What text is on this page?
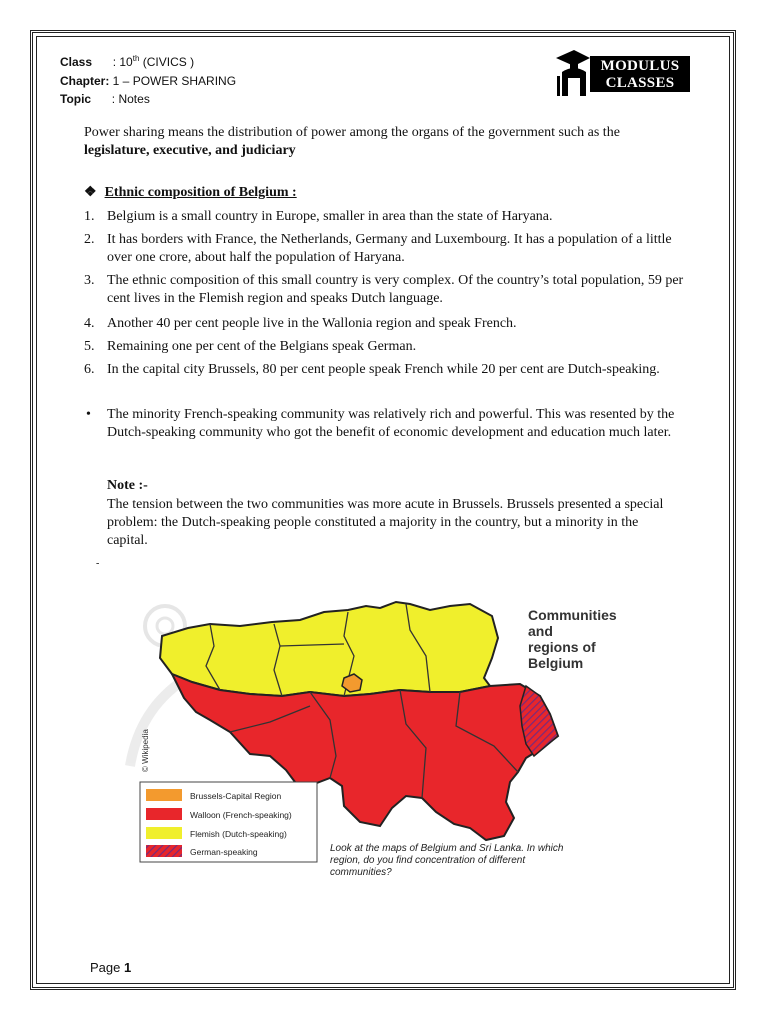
Class : 10th (CIVICS )
Chapter: 1 – POWER SHARING
Topic : Notes
MODULUS
CLASSES
Power sharing means the distribution of power among the organs of the government such as the
legislature, executive, and judiciary
❖ Ethnic composition of Belgium :
1. Belgium is a small country in Europe, smaller in area than the state of Haryana.
2. It has borders with France, the Netherlands, Germany and Luxembourg. It has a population of a little over one crore, about half the population of Haryana.
3. The ethnic composition of this small country is very complex. Of the country’s total population, 59 per cent lives in the Flemish region and speaks Dutch language.
4. Another 40 per cent people live in the Wallonia region and speak French.
5. Remaining one per cent of the Belgians speak German.
6. In the capital city Brussels, 80 per cent people speak French while 20 per cent are Dutch-speaking.
•	The minority French-speaking community was relatively rich and powerful. This was resented by the Dutch-speaking community who got the benefit of economic development and education much later.
Note :-
The tension between the two communities was more acute in Brussels. Brussels presented a special problem: the Dutch-speaking people constituted a majority in the country, but a minority in the capital.
-
Communities
and
regions of
Belgium
© Wikipedia
Brussels-Capital Region
Walloon (French-speaking)
Flemish (Dutch-speaking)
German-speaking	Look at the maps of Belgium and Sri Lanka. In which
region, do you find concentration of different
communities?
Page 1
